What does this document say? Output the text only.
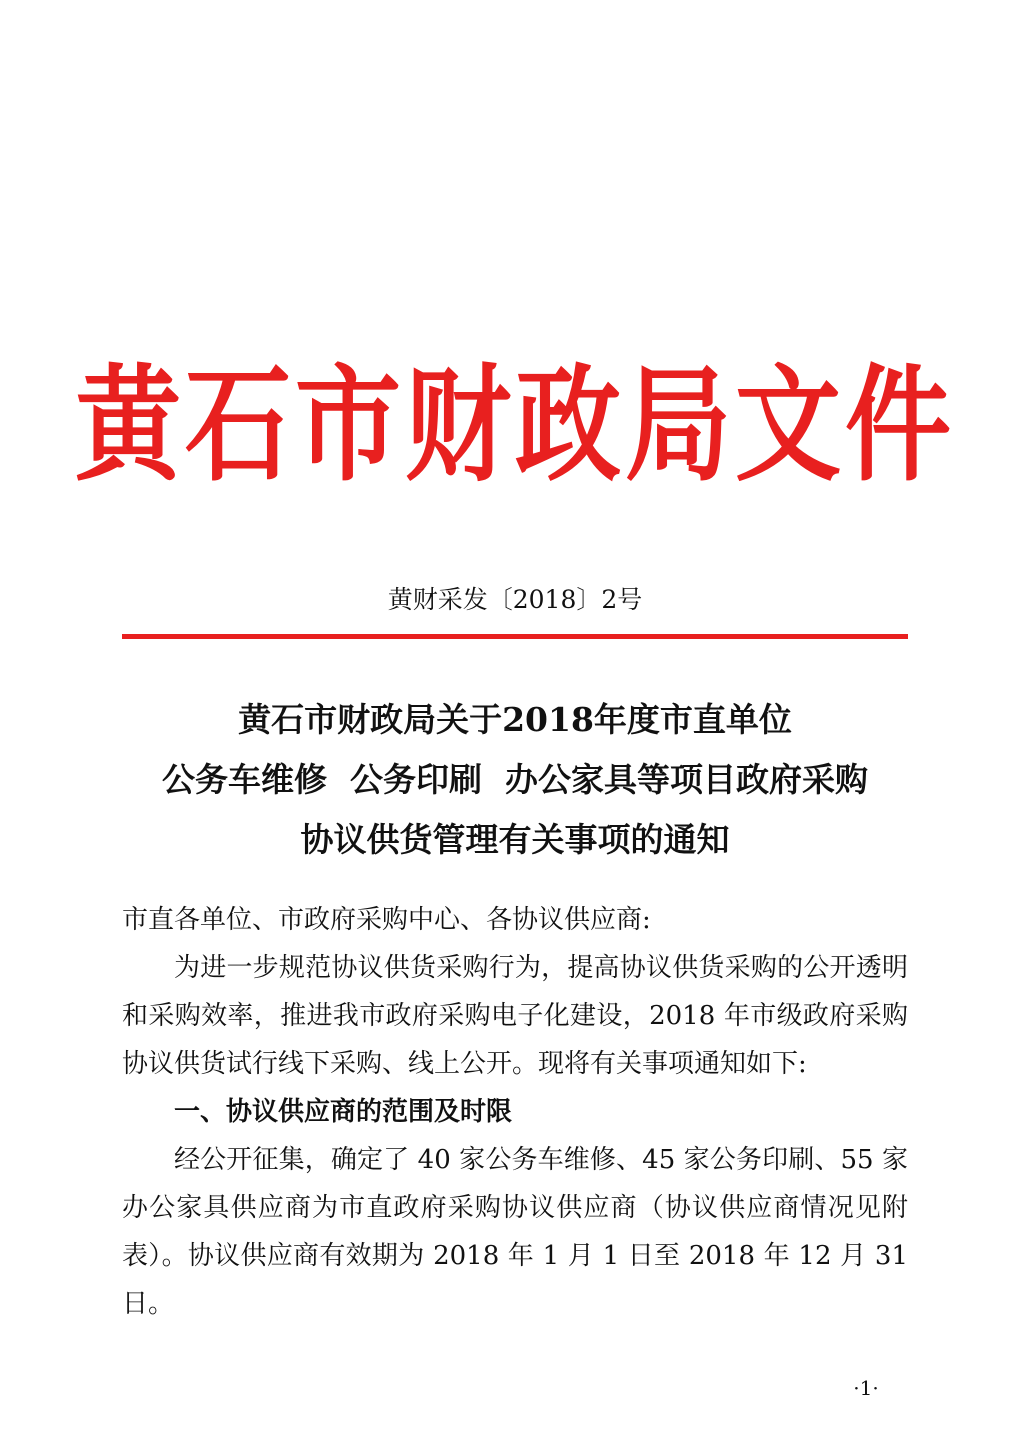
黄石市财政局文件
黄财采发〔2018〕2号
黄石市财政局关于2018年度市直单位
公务车维修  公务印刷  办公家具等项目政府采购
协议供货管理有关事项的通知

市直各单位、市政府采购中心、各协议供应商:

为进一步规范协议供货采购行为，提高协议供货采购的公开透明和采购效率，推进我市政府采购电子化建设，2018 年市级政府采购协议供货试行线下采购、线上公开。现将有关事项通知如下:

一、协议供应商的范围及时限

经公开征集，确定了 40 家公务车维修、45 家公务印刷、55 家办公家具供应商为市直政府采购协议供应商（协议供应商情况见附表）。协议供应商有效期为 2018 年 1 月 1 日至 2018 年 12 月 31 日。

·1·
